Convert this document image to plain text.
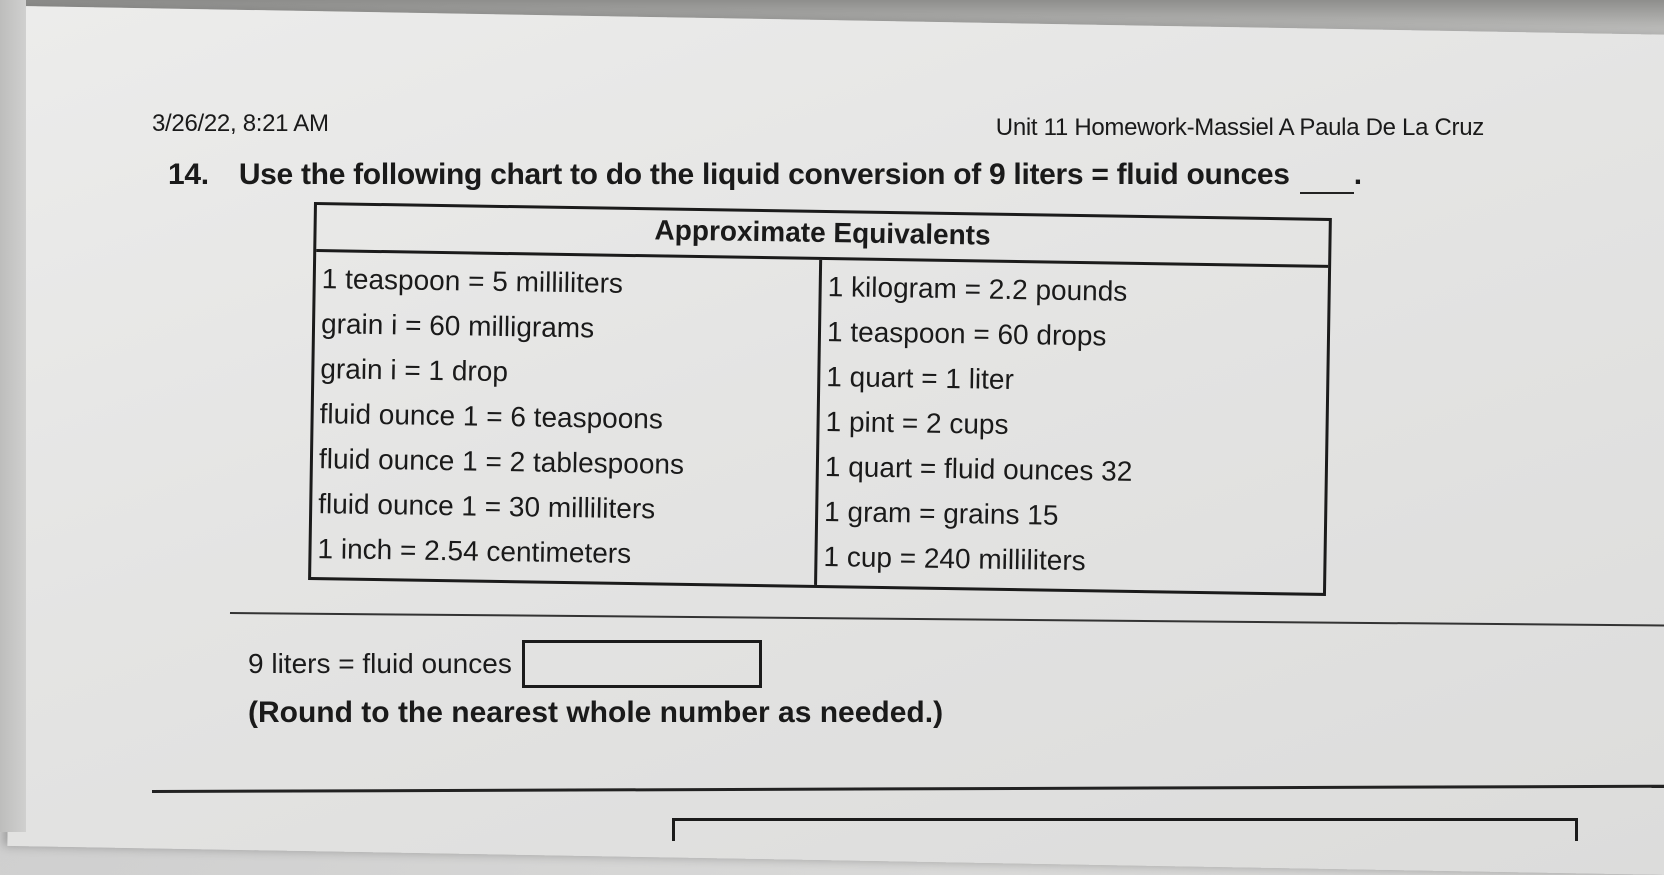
3/26/22, 8:21 AM	Unit 11 Homework-Massiel A Paula De La Cruz
14. Use the following chart to do the liquid conversion of 9 liters = fluid ounces .
Approximate Equivalents
1 teaspoon = 5 milliliters
grain i = 60 milligrams
grain i = 1 drop
fluid ounce 1 = 6 teaspoons
fluid ounce 1 = 2 tablespoons
fluid ounce 1 = 30 milliliters
1 inch = 2.54 centimeters
1 kilogram = 2.2 pounds
1 teaspoon = 60 drops
1 quart = 1 liter
1 pint = 2 cups
1 quart = fluid ounces 32
1 gram = grains 15
1 cup = 240 milliliters
9 liters = fluid ounces
(Round to the nearest whole number as needed.)
